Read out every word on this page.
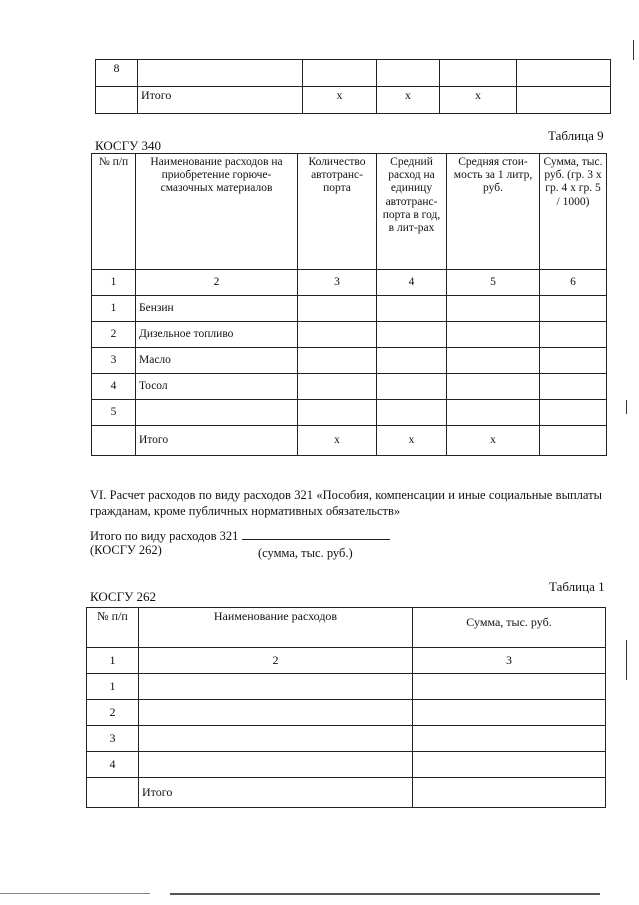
8					
	Итого	х	х	х	
КОСГУ 340
Таблица 9
№ п/п	Наименование расходов на приобретение горюче-смазочных материалов	Количество автотранс-порта	Средний расход на единицу автотранс-порта в год, в лит-рах	Средняя стои-мость за 1 литр, руб.	Сумма, тыс. руб. (гр. 3 х гр. 4 х гр. 5 / 1000)
1	2	3	4	5	6
1	Бензин				
2	Дизельное топливо				
3	Масло				
4	Тосол				
5					
	Итого	х	х	х	
VI. Расчет расходов по виду расходов 321 «Пособия, компенсации и иные социальные выплаты гражданам, кроме публичных нормативных обязательств»
Итого по виду расходов 321
(КОСГУ 262)	(сумма, тыс. руб.)
КОСГУ 262
Таблица 1
№ п/п	Наименование расходов	Сумма, тыс. руб.
1	2	3
1		
2		
3		
4		
	Итого	
